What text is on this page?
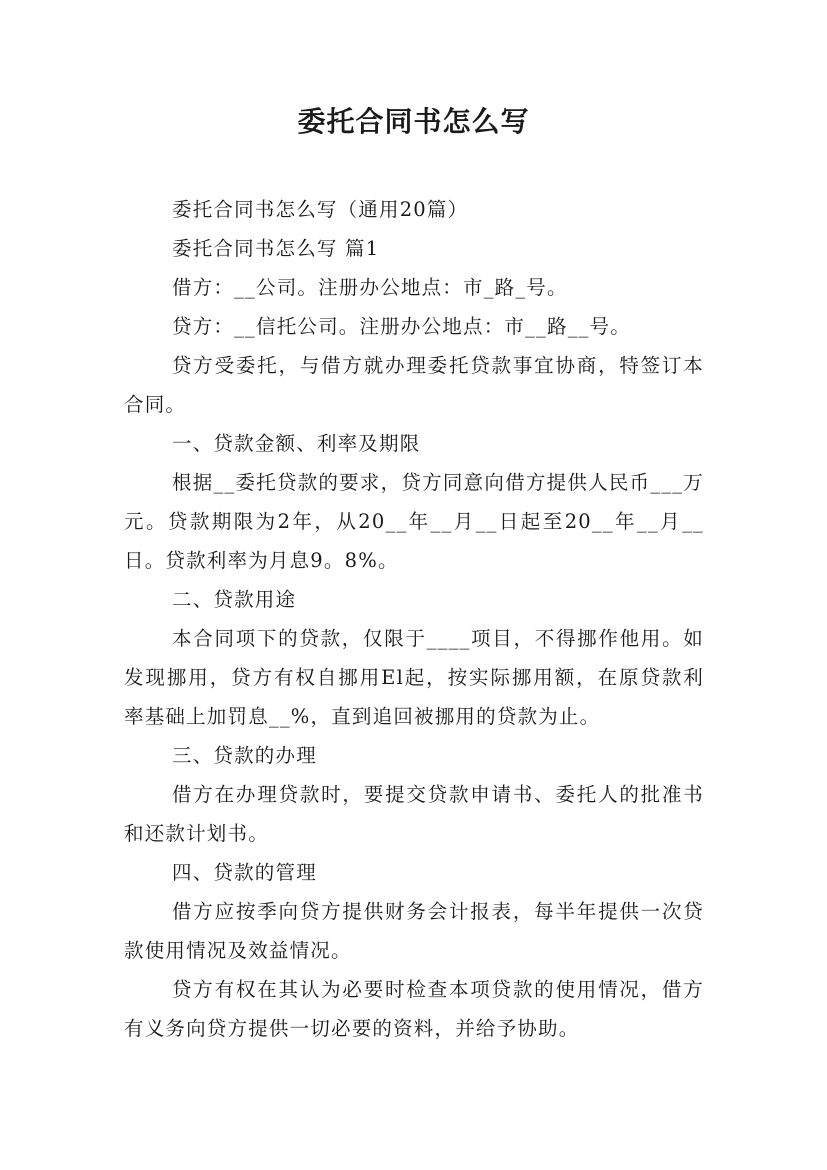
委托合同书怎么写

委托合同书怎么写（通用20篇）

委托合同书怎么写 篇1

借方：__公司。注册办公地点：市_路_号。

贷方：__信托公司。注册办公地点：市__路__号。

贷方受委托，与借方就办理委托贷款事宜协商，特签订本合同。

一、贷款金额、利率及期限

根据__委托贷款的要求，贷方同意向借方提供人民币___万元。贷款期限为2年，从20__年__月__日起至20__年__月__日。贷款利率为月息9。8%。

二、贷款用途

本合同项下的贷款，仅限于____项目，不得挪作他用。如发现挪用，贷方有权自挪用El起，按实际挪用额，在原贷款利率基础上加罚息__%，直到追回被挪用的贷款为止。

三、贷款的办理

借方在办理贷款时，要提交贷款申请书、委托人的批准书和还款计划书。

四、贷款的管理

借方应按季向贷方提供财务会计报表，每半年提供一次贷款使用情况及效益情况。

贷方有权在其认为必要时检查本项贷款的使用情况，借方有义务向贷方提供一切必要的资料，并给予协助。
